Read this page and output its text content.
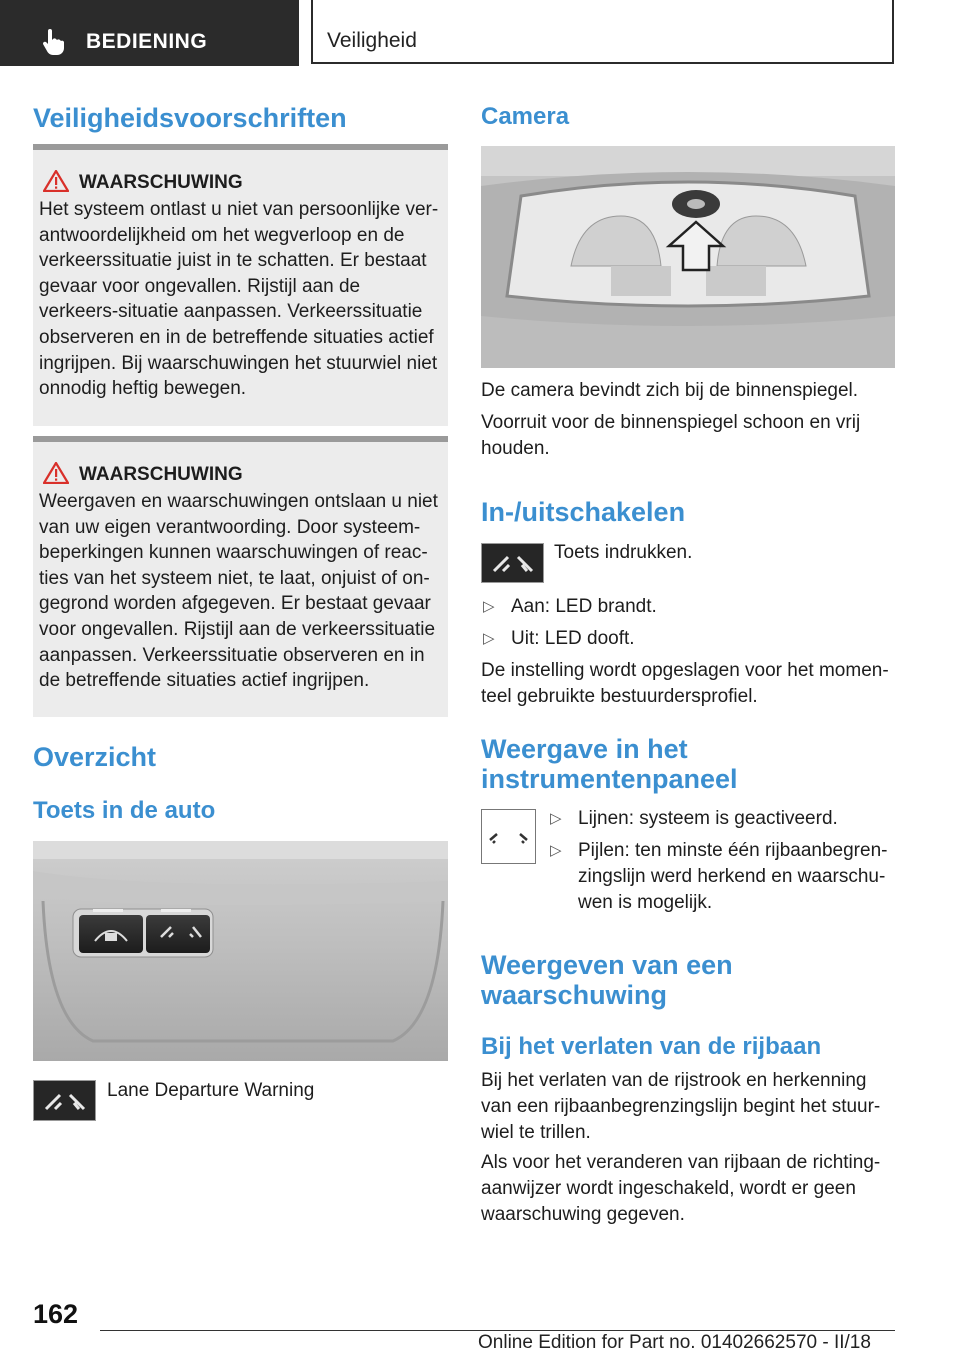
BEDIENING	Veiligheid
Veiligheidsvoorschriften
WAARSCHUWING
Het systeem ontlast u niet van persoonlijke ver-antwoordelijkheid om het wegverloop en de verkeerssituatie juist in te schatten. Er bestaat gevaar voor ongevallen. Rijstijl aan de verkeers-situatie aanpassen. Verkeerssituatie observeren en in de betreffende situaties actief ingrijpen. Bij waarschuwingen het stuurwiel niet onnodig heftig bewegen.
WAARSCHUWING
Weergaven en waarschuwingen ontslaan u niet van uw eigen verantwoording. Door systeem-beperkingen kunnen waarschuwingen of reac-ties van het systeem niet, te laat, onjuist of on-gegrond worden afgegeven. Er bestaat gevaar voor ongevallen. Rijstijl aan de verkeerssituatie aanpassen. Verkeerssituatie observeren en in de betreffende situaties actief ingrijpen.
Overzicht
Toets in de auto
Lane Departure Warning
Camera
De camera bevindt zich bij de binnenspiegel.
Voorruit voor de binnenspiegel schoon en vrij houden.
In-/uitschakelen
Toets indrukken.
▷ Aan: LED brandt.
▷ Uit: LED dooft.
De instelling wordt opgeslagen voor het momen-teel gebruikte bestuurdersprofiel.
Weergave in het instrumentenpaneel
▷ Lijnen: systeem is geactiveerd.
▷ Pijlen: ten minste één rijbaanbegren-zingslijn werd herkend en waarschu-wen is mogelijk.
Weergeven van een waarschuwing
Bij het verlaten van de rijbaan
Bij het verlaten van de rijstrook en herkenning van een rijbaanbegrenzingslijn begint het stuur-wiel te trillen.
Als voor het veranderen van rijbaan de richting-aanwijzer wordt ingeschakeld, wordt er geen waarschuwing gegeven.
162
Online Edition for Part no. 01402662570 - II/18
